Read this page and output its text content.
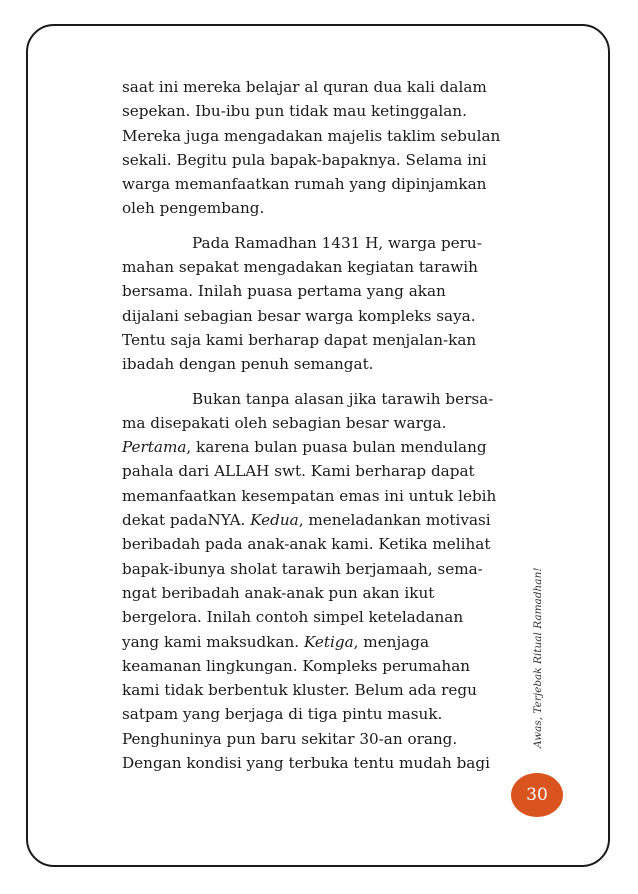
saat ini mereka belajar al quran dua kali dalam
sepekan. Ibu-ibu pun tidak mau ketinggalan.
Mereka juga mengadakan majelis taklim sebulan
sekali. Begitu pula bapak-bapaknya. Selama ini
warga memanfaatkan rumah yang dipinjamkan
oleh pengembang.

Pada Ramadhan 1431 H, warga peru-
mahan sepakat mengadakan kegiatan tarawih
bersama. Inilah puasa pertama yang akan
dijalani sebagian besar warga kompleks saya.
Tentu saja kami berharap dapat menjalan-kan
ibadah dengan penuh semangat.

Bukan tanpa alasan jika tarawih bersa-
ma disepakati oleh sebagian besar warga.
Pertama, karena bulan puasa bulan mendulang
pahala dari ALLAH swt. Kami berharap dapat
memanfaatkan kesempatan emas ini untuk lebih
dekat padaNYA. Kedua, meneladankan motivasi
beribadah pada anak-anak kami. Ketika melihat
bapak-ibunya sholat tarawih berjamaah, sema-
ngat beribadah anak-anak pun akan ikut
bergelora. Inilah contoh simpel keteladanan
yang kami maksudkan. Ketiga, menjaga
keamanan lingkungan. Kompleks perumahan
kami tidak berbentuk kluster. Belum ada regu
satpam yang berjaga di tiga pintu masuk.
Penghuninya pun baru sekitar 30-an orang.
Dengan kondisi yang terbuka tentu mudah bagi

Awas, Terjebak Ritual Ramadhan!
30
